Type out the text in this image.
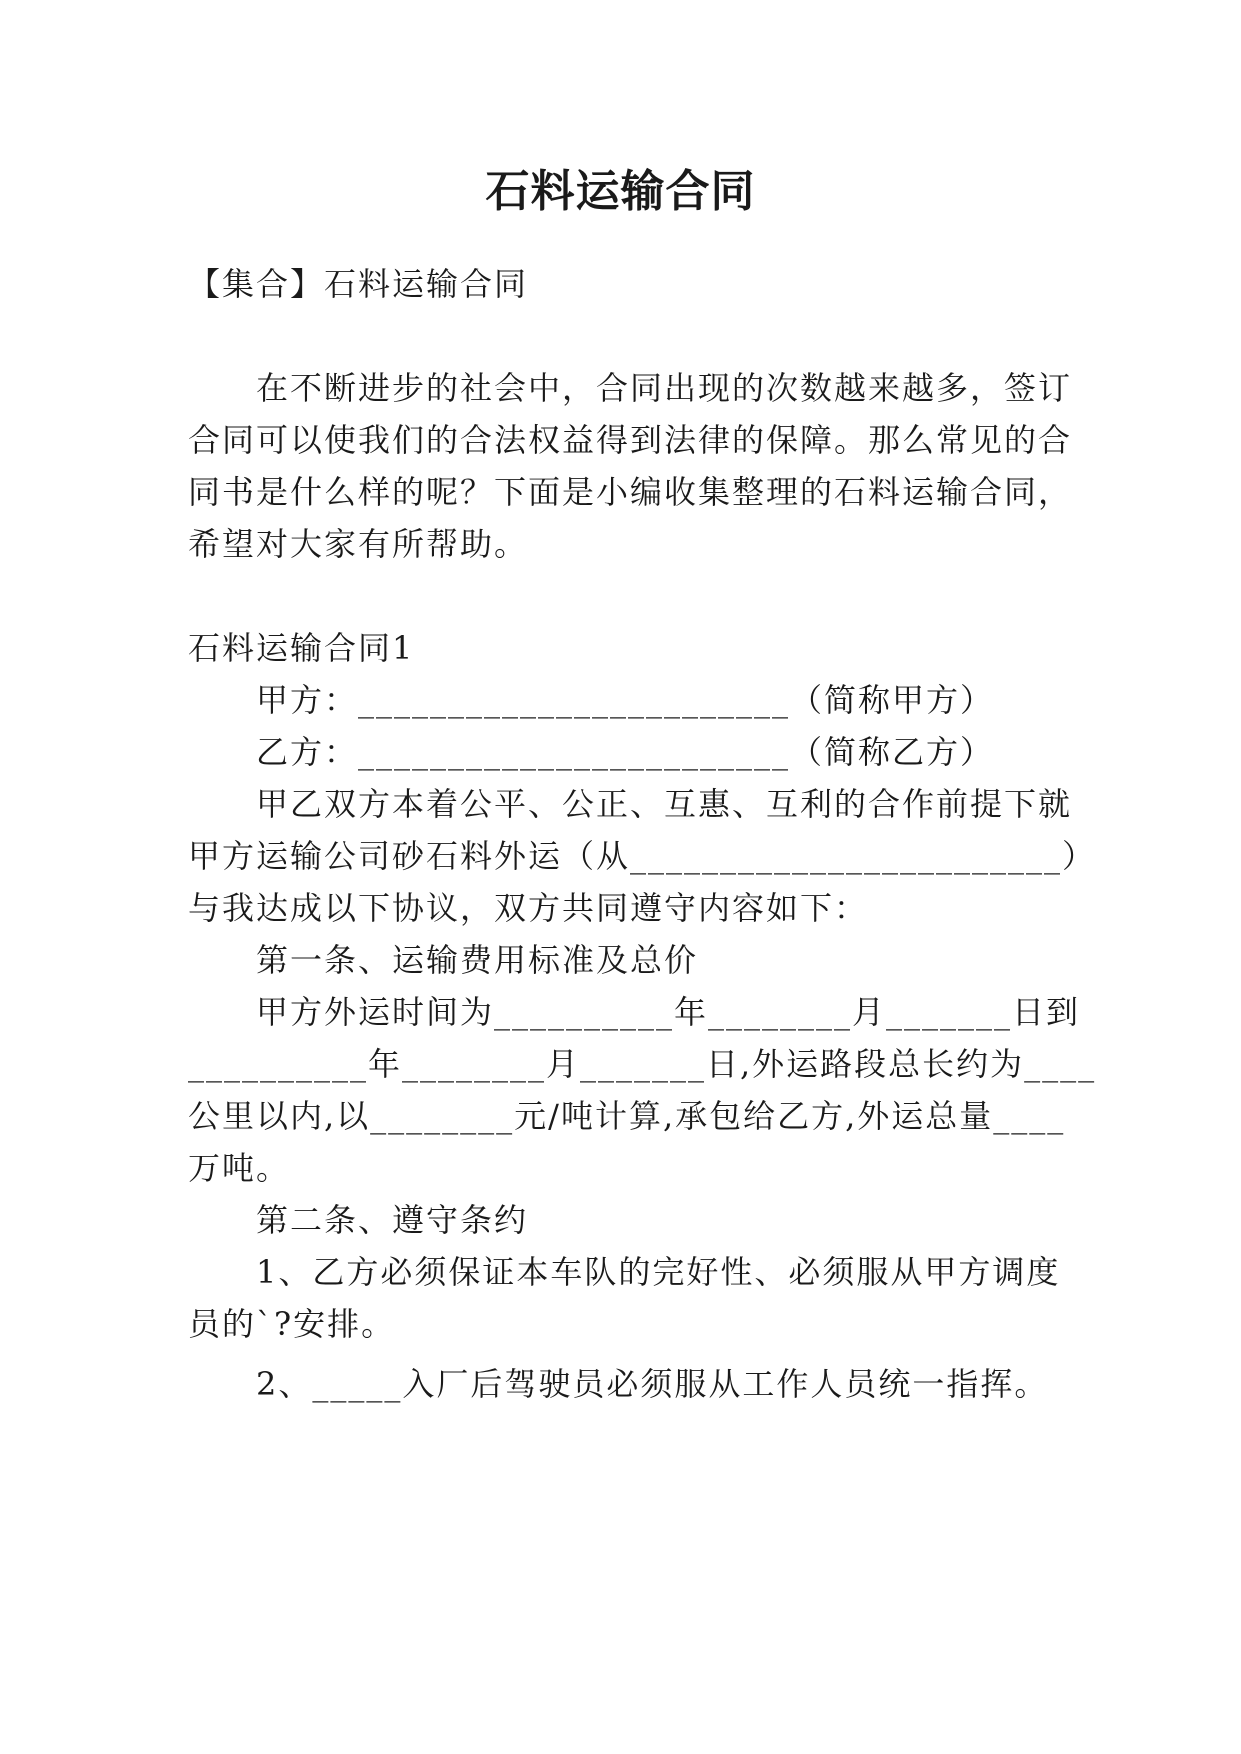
石料运输合同
【集合】石料运输合同
在不断进步的社会中，合同出现的次数越来越多，签订
合同可以使我们的合法权益得到法律的保障。那么常见的合
同书是什么样的呢？下面是小编收集整理的石料运输合同，
希望对大家有所帮助。
石料运输合同1
甲方：________________________（简称甲方）
乙方：________________________（简称乙方）
甲乙双方本着公平、公正、互惠、互利的合作前提下就
甲方运输公司砂石料外运（从________________________）
与我达成以下协议，双方共同遵守内容如下：
第一条、运输费用标准及总价
甲方外运时间为__________年________月_______日到
__________年________月_______日,外运路段总长约为____
公里以内,以________元/吨计算,承包给乙方,外运总量____
万吨。
第二条、遵守条约
1、乙方必须保证本车队的完好性、必须服从甲方调度
员的`?安排。
2、_____入厂后驾驶员必须服从工作人员统一指挥。
